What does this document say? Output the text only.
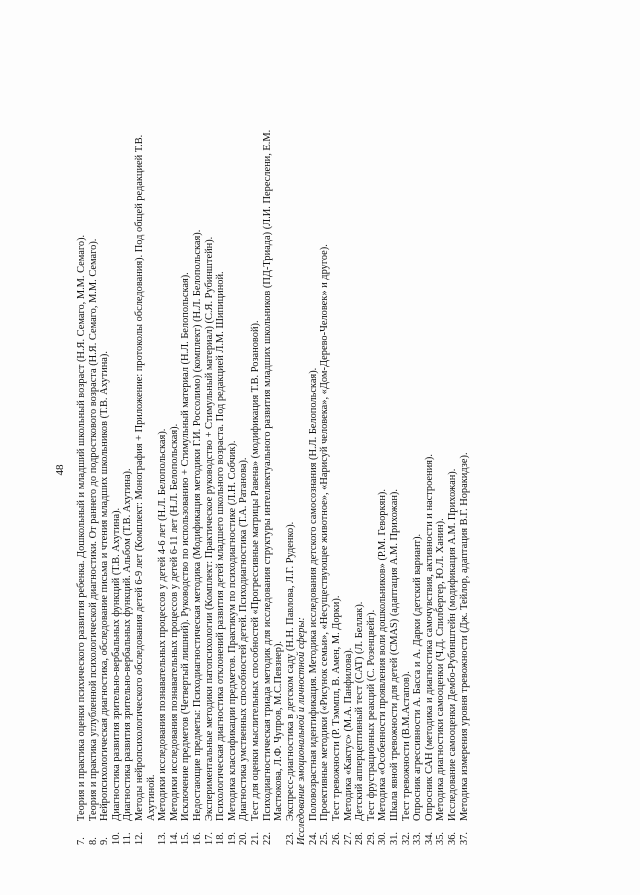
48
7.
Теория и практика оценки психического развития ребенка. Дошкольный и младший школьный возраст (Н.Я. Семаго, М.М. Семаго).
8.
Теория и практика углубленной психологической диагностики. От раннего до подросткового возраста (Н.Я. Семаго, М.М. Семаго).
9.
Нейропсихологическая диагностика, обследование письма и чтения младших школьников (Т.В. Ахутина).
10.
Диагностика развития зрительно-вербальных функций (Т.В. Ахутина).
11.
Диагностика развития зрительно-вербальных функций. Альбом (Т.В. Ахутина).
12.
Методы нейропсихологического обследования детей 6-9 лет (Комплект: Монография + Приложение: протоколы обследования). Под общей редакцией Т.В. Ахутиной.
13.
Методики исследования познавательных процессов у детей 4-6 лет (Н.Л. Белопольская).
14.
Методики исследования познавательных процессов у детей 6-11 лет (Н.Л. Белопольская).
15.
Исключение предметов (Четвертый лишний). Руководство по использованию + Стимульный материал (Н.Л. Белопольская).
16.
Недостающие предметы: Психодиагностическая методика (Модификация методики Г.И. Россолимо) (комплект) (Н.Л. Белопольская).
17.
Экспериментальные методики патопсихологии (Комплект: Практическое руководство + Стимульный материал) (С.Я. Рубинштейн).
18.
Психологическая диагностика отклонений развития детей младшего школьного возраста. Под редакцией Л.М. Шипициной.
19.
Методика классификации предметов. Практикум по психодиагностике (Л.Н. Собчик).
20.
Диагностика умственных способностей детей. Психодиагностика (Т.А. Ратанова).
21.
Тест для оценки мыслительных способностей «Прогрессивные матрицы Равена» (модификация Т.В. Розановой).
22.
Психодиагностическая триада методик для исследования структуры интеллектуального развития младших школьников (ПД-Триада) (Л.И. Переслени, Е.М. Мастюкова, Л.Ф. Чупров, М.С.Певзнер).
23.
Экспресс-диагностика в детском саду (Н.Н. Павлова, Л.Г. Руденко). Исследование эмоциональной и личностной сферы: 24.
Половозрастная идентификация. Методика исследования детского самосознания (Н.Л. Белопольская).
25.
Проективные методики («Рисунок семьи», «Несуществующее животное», «Нарисуй человека», «Дом-Дерево-Человек» и другое).
26.
Тест тревожности (Р. Тэммпл, В. Амен, М. Дорки).
27.
Методика «Кактус» (М.А. Панфилова).
28.
Детский апперцептивный тест (CAT) (Л. Беллак).
29.
Тест фрустрационных реакций (С. Розенцвейг).
30.
Методика «Особенности проявления воли дошкольников» (Р.М. Геворкян).
31.
Шкала явной тревожности для детей (CMAS) (адаптация А.М. Прихожан).
32.
Тест тревожности (В.М.Астапов).
33.
Опросник агрессивности А. Басса и А. Дарки (детский вариант).
34.
Опросник САН (методика и диагностика самочувствия, активности и настроения).
35.
Методика диагностики самооценки (Ч.Д. Спилбергер, Ю.Л. Ханин).
36.
Исследование самооценки Дембо-Рубинштейн (модификация А.М. Прихожан).
37.
Методика измерения уровня тревожности (Дж. Тейлор, адаптация В.Г. Норакидзе).
